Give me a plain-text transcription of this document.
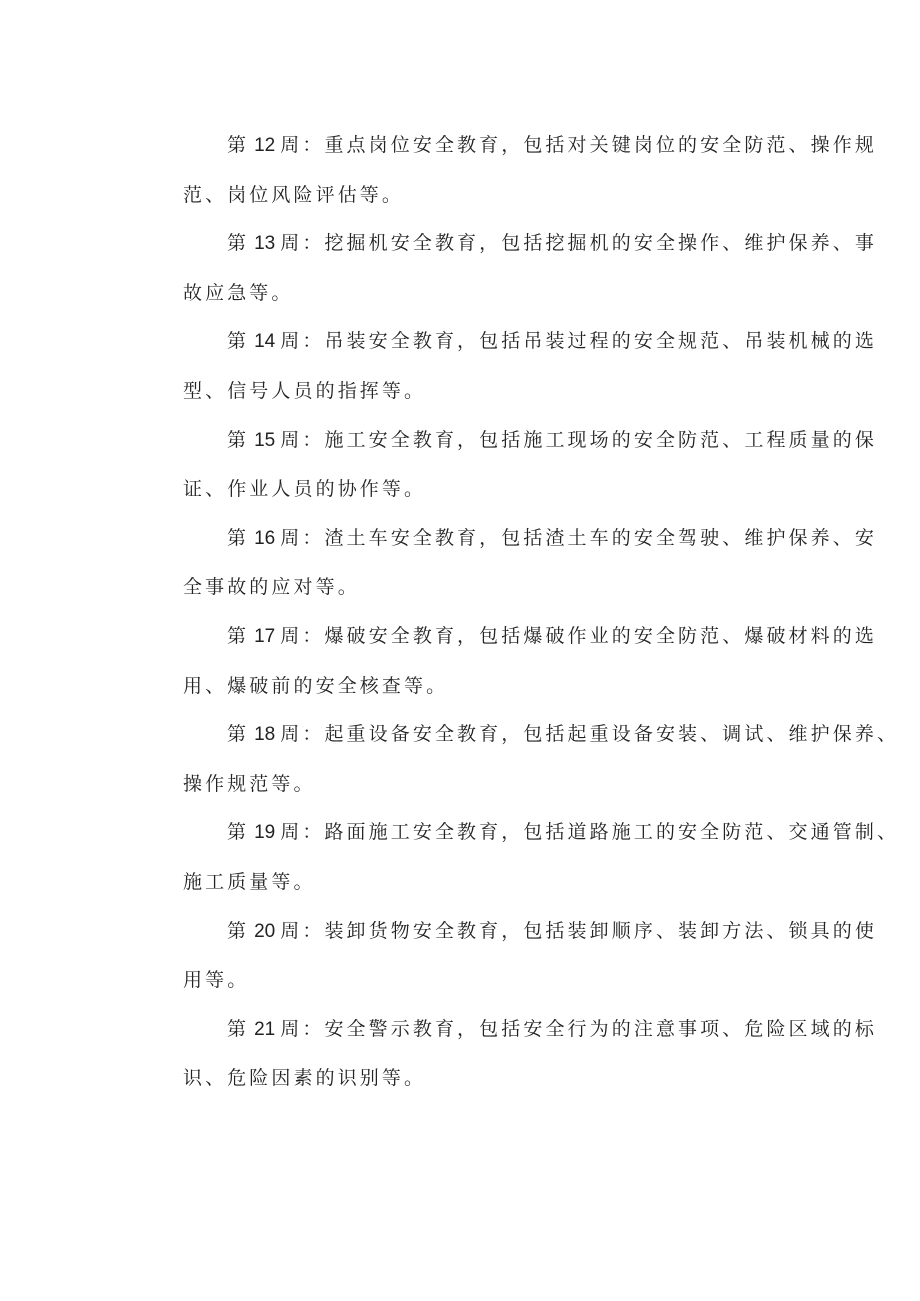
第 12 周：重点岗位安全教育，包括对关键岗位的安全防范、操作规
范、岗位风险评估等。

第 13 周：挖掘机安全教育，包括挖掘机的安全操作、维护保养、事
故应急等。

第 14 周：吊装安全教育，包括吊装过程的安全规范、吊装机械的选
型、信号人员的指挥等。

第 15 周：施工安全教育，包括施工现场的安全防范、工程质量的保
证、作业人员的协作等。

第 16 周：渣土车安全教育，包括渣土车的安全驾驶、维护保养、安
全事故的应对等。

第 17 周：爆破安全教育，包括爆破作业的安全防范、爆破材料的选
用、爆破前的安全核查等。

第 18 周：起重设备安全教育，包括起重设备安装、调试、维护保养、
操作规范等。

第 19 周：路面施工安全教育，包括道路施工的安全防范、交通管制、
施工质量等。

第 20 周：装卸货物安全教育，包括装卸顺序、装卸方法、锁具的使
用等。

第 21 周：安全警示教育，包括安全行为的注意事项、危险区域的标
识、危险因素的识别等。
